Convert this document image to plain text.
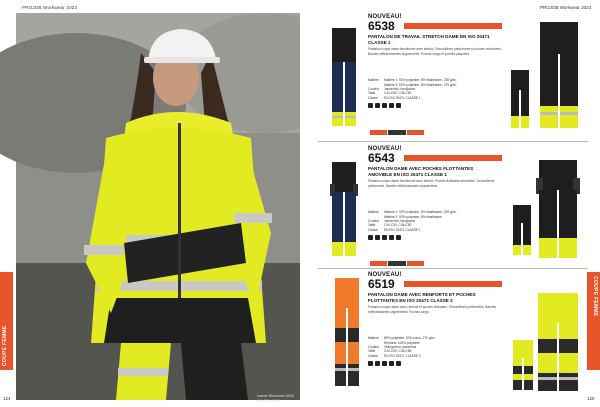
PROJOB Workwear 2023
Ivanne Workwear 6538
646438 / 6538
COUPE FEMME
124
PROJOB Workwear 2023
NOUVEAU!
6538
PANTALON DE TRAVAIL STRETCH DAME EN ISO 20471 CLASSE 1
Pantalon coupe dame fonctionnel avec stretch, Genouillères préformées et poches renforcées. Bandes réfléchissantes segmentées. Poches cargo et poches plaquées.
Matière	Matière 1: 92% polyester, 8% élasthanne, 235 g/m²
Matière 2: 92% polyester, 8% élasthanne, 275 g/m²
Couleur	Jaune/noir, bleu/jaune
Taille	C34-C50, C46-C50
Classe	EN ISO 20471 CLASSE 1
NOUVEAU!
6543
PANTALON DAME AVEC POCHES FLOTTANTES AMOVIBLE EN ISO 20471 CLASSE 1
Pantalon coupe dame fonctionnel avec stretch. Poches flottantes amovibles. Genouillères préformées. Bandes réfléchissantes segmentées.
Matière	Matière 1: 92% polyester, 8% élasthanne, 235 g/m²
Matière 2: 92% polyester, 8% élasthanne
Couleur	Jaune/noir, bleu/jaune
Taille	C34-C50, C46-C50
Classe	EN ISO 20471 CLASSE 1
NOUVEAU!
6519
PANTALON DAME AVEC RENFORTS ET POCHES FLOTTANTES EN ISO 20471 CLASSE 2
Pantalon coupe dame avec renforts et poches flottantes. Genouillères préformées. Bandes réfléchissantes segmentées. Poches cargo.
Matière	80% polyester, 20% coton, 270 g/m²
Renforts: 100% polyester
Couleur	Orange/noir, jaune/noir
Taille	C34-C50, C46-C50
Classe	EN ISO 20471 CLASSE 2
COUPE FEMME
125
